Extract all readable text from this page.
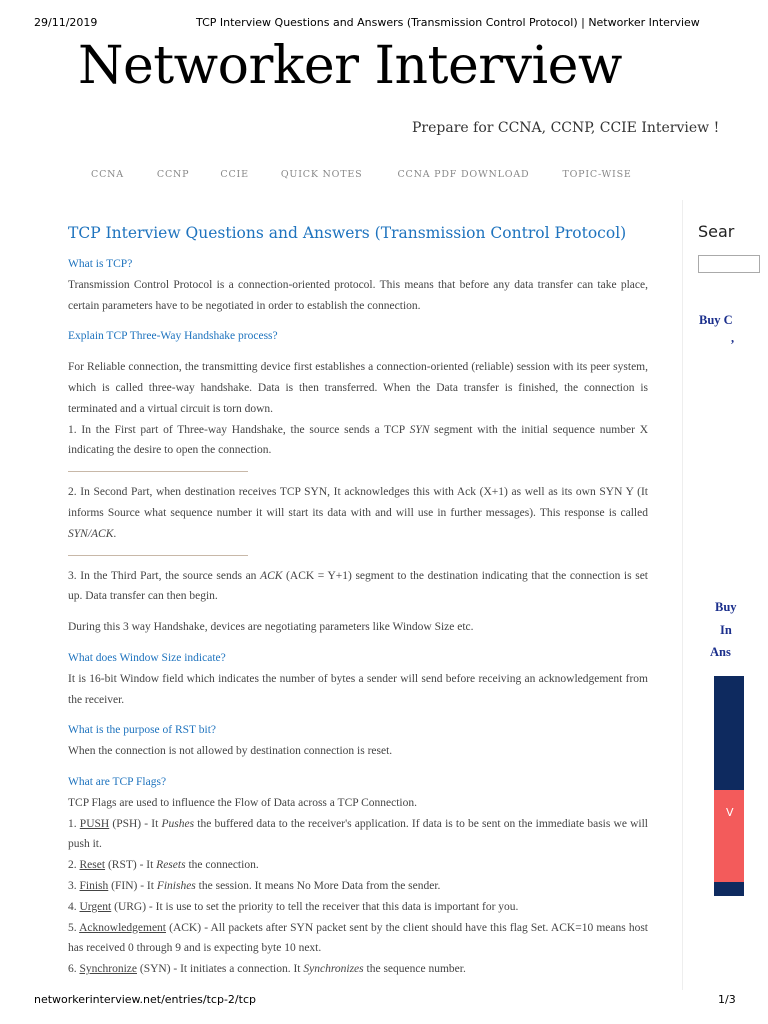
29/11/2019	TCP Interview Questions and Answers (Transmission Control Protocol) | Networker Interview
Networker Interview
Prepare for CCNA, CCNP, CCIE Interview !
CCNA	CCNP	CCIE	QUICK NOTES	CCNA PDF DOWNLOAD	TOPIC-WISE
TCP Interview Questions and Answers (Transmission Control Protocol)
What is TCP?

Transmission Control Protocol is a connection-oriented protocol. This means that before any data transfer can take place, certain parameters have to be negotiated in order to establish the connection.

Explain TCP Three-Way Handshake process?

For Reliable connection, the transmitting device first establishes a connection-oriented (reliable) session with its peer system, which is called three-way handshake. Data is then transferred. When the Data transfer is finished, the connection is terminated and a virtual circuit is torn down.

1. In the First part of Three-way Handshake, the source sends a TCP SYN segment with the initial sequence number X indicating the desire to open the connection.

2. In Second Part, when destination receives TCP SYN, It acknowledges this with Ack (X+1) as well as its own SYN Y (It informs Source what sequence number it will start its data with and will use in further messages). This response is called SYN/ACK.

3. In the Third Part, the source sends an ACK (ACK = Y+1) segment to the destination indicating that the connection is set up. Data transfer can then begin.

During this 3 way Handshake, devices are negotiating parameters like Window Size etc.

What does Window Size indicate?

It is 16-bit Window field which indicates the number of bytes a sender will send before receiving an acknowledgement from the receiver.

What is the purpose of RST bit?

When the connection is not allowed by destination connection is reset.

What are TCP Flags?

TCP Flags are used to influence the Flow of Data across a TCP Connection.

1. PUSH (PSH) - It Pushes the buffered data to the receiver's application. If data is to be sent on the immediate basis we will push it.

2. Reset (RST) - It Resets the connection.

3. Finish (FIN) - It Finishes the session. It means No More Data from the sender.

4. Urgent (URG) - It is use to set the priority to tell the receiver that this data is important for you.

5. Acknowledgement (ACK) - All packets after SYN packet sent by the client should have this flag Set. ACK=10 means host has received 0 through 9 and is expecting byte 10 next.

6. Synchronize (SYN) - It initiates a connection. It Synchronizes the sequence number.

Sear
Buy C
,
Buy
In
Ans
V
networkerinterview.net/entries/tcp-2/tcp	1/3
